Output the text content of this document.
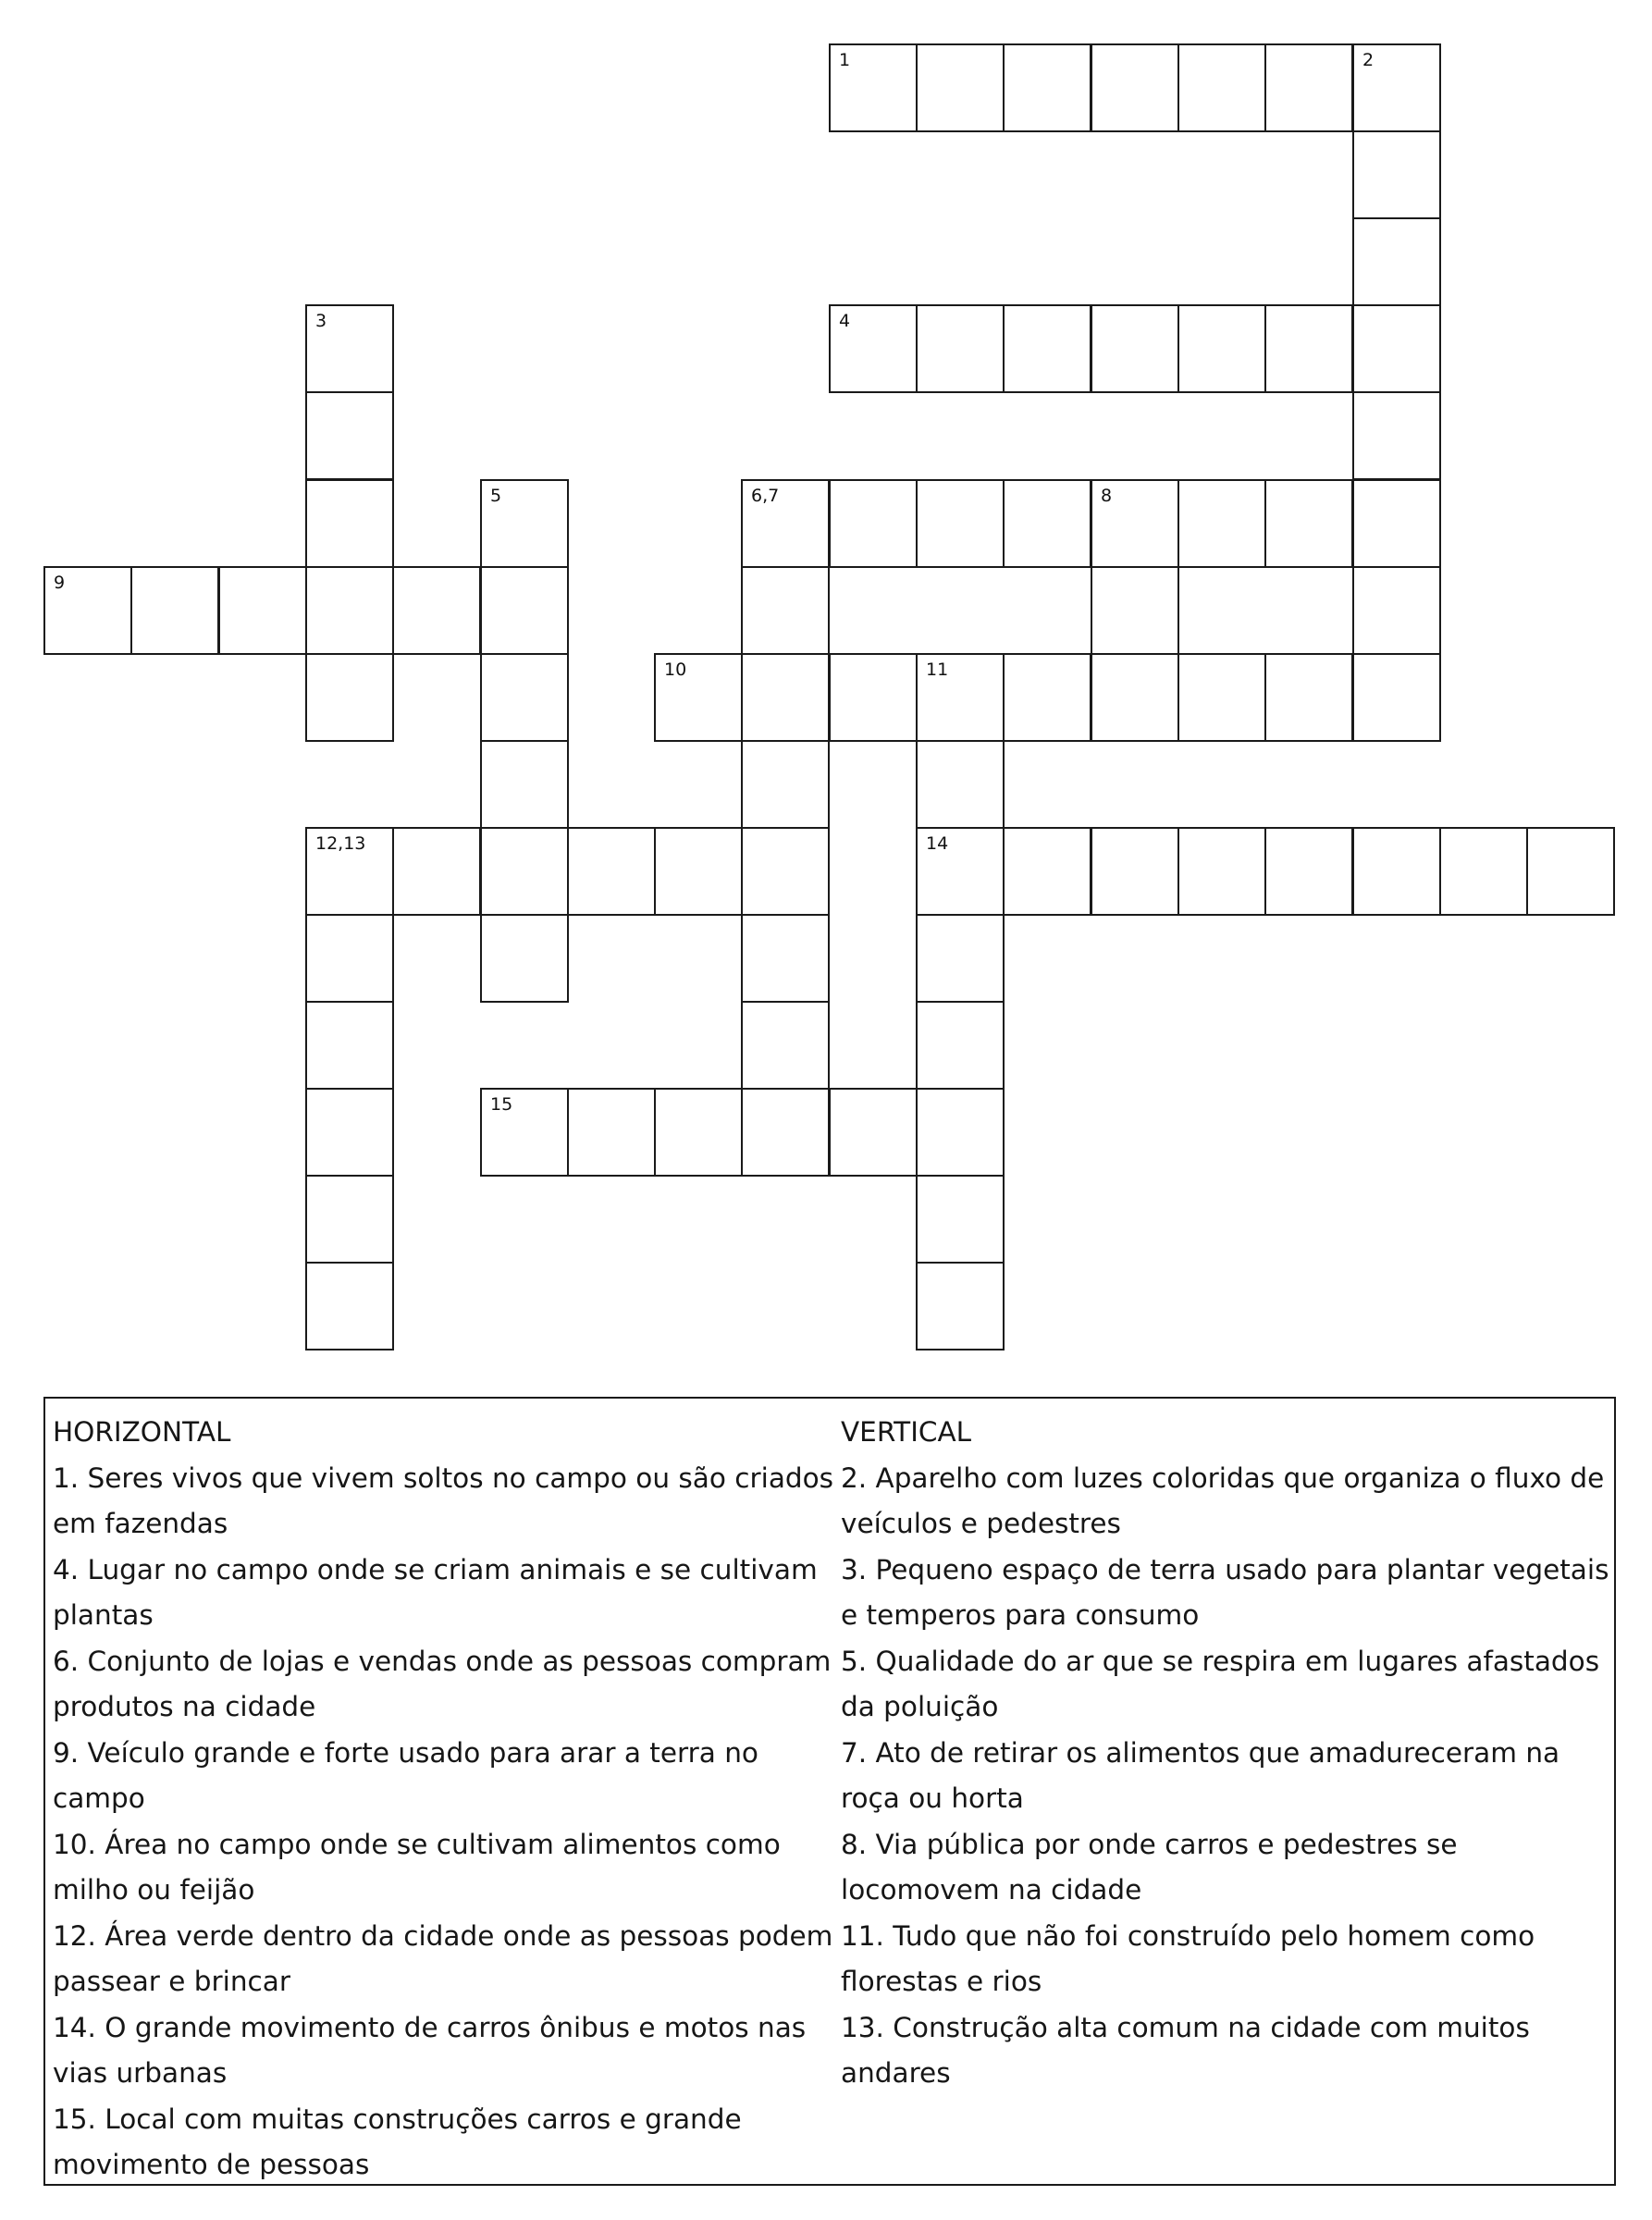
1	2
3	4
5	6,7	8
9
10	11
14
12,13
15

HORIZONTAL

1. Seres vivos que vivem soltos no campo ou são criados em fazendas

4. Lugar no campo onde se criam animais e se cultivam plantas

6. Conjunto de lojas e vendas onde as pessoas compram produtos na cidade

9. Veículo grande e forte usado para arar a terra no campo

10. Área no campo onde se cultivam alimentos como milho ou feijão

12. Área verde dentro da cidade onde as pessoas podem passear e brincar

14. O grande movimento de carros ônibus e motos nas vias urbanas

15. Local com muitas construções carros e grande movimento de pessoas

VERTICAL

2. Aparelho com luzes coloridas que organiza o fluxo de veículos e pedestres

3. Pequeno espaço de terra usado para plantar vegetais e temperos para consumo

5. Qualidade do ar que se respira em lugares afastados da poluição

7. Ato de retirar os alimentos que amadureceram na roça ou horta

8. Via pública por onde carros e pedestres se locomovem na cidade

11. Tudo que não foi construído pelo homem como florestas e rios

13. Construção alta comum na cidade com muitos andares
